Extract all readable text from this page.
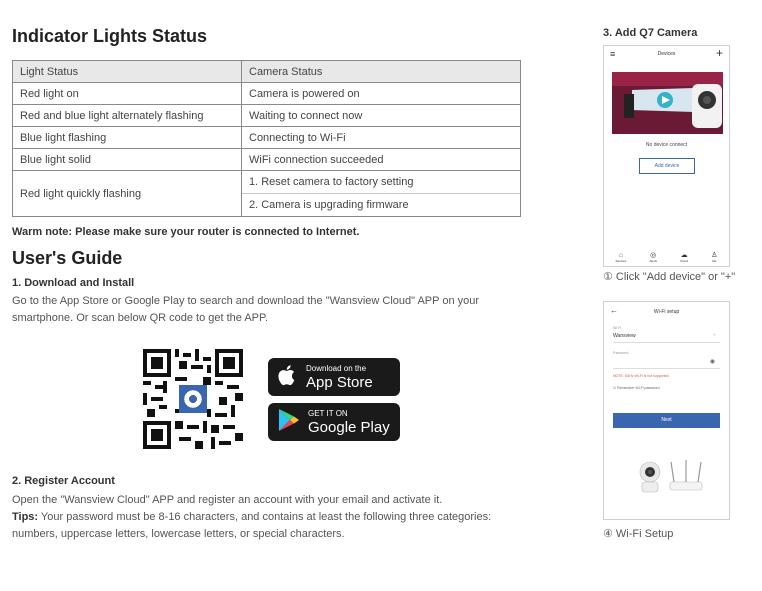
Indicator Lights Status
Light Status	Camera Status
Red light on	Camera is powered on
Red and blue light alternately flashing	Waiting to connect now
Blue light flashing	Connecting to Wi-Fi
Blue light solid	WiFi connection succeeded
Red light quickly flashing	1. Reset camera to factory setting
2. Camera is upgrading firmware
Warm note: Please make sure your router is connected to Internet.
User's Guide
1. Download and Install
Go to the App Store or Google Play to search and download the "Wansview Cloud" APP on your smartphone. Or scan below QR code to get the APP.
Download on the
App Store
GET IT ON
Google Play
2. Register Account
Open the "Wansview Cloud" APP and register an account with your email and activate it.
Tips: Your password must be 8-16 characters, and contains at least the following three categories: numbers, uppercase letters, lowercase letters, or special characters.
3. Add Q7 Camera
≡	Devices	+
No device connect
Add device
⌂
Devices
◎
Alerts
☁
Cloud
♙
Me
① Click "Add device" or "+"
←	Wi-Fi setup
Wi-Fi
Wansview	›
Password
◉
NOTE: 5GHz Wi-Fi is not supported
☑ Remember Wi-Fi password
Next
④ Wi-Fi Setup
